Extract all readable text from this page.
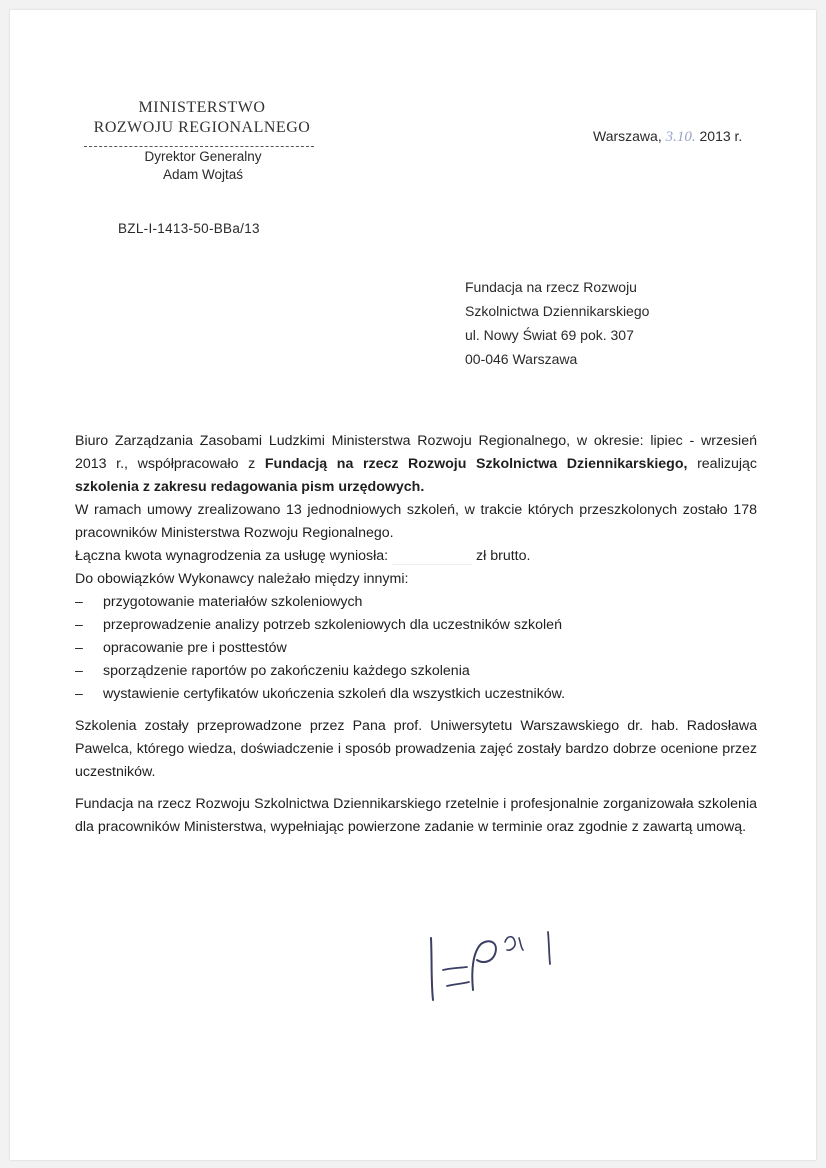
MINISTERSTWO
ROZWOJU REGIONALNEGO
Dyrektor Generalny
Adam Wojtaś
Warszawa, 3.10. 2013 r.
BZL-I-1413-50-BBa/13
Fundacja na rzecz Rozwoju
Szkolnictwa Dziennikarskiego
ul. Nowy Świat 69 pok. 307
00-046 Warszawa

Biuro Zarządzania Zasobami Ludzkimi Ministerstwa Rozwoju Regionalnego, w okresie: lipiec - wrzesień 2013 r., współpracowało z Fundacją na rzecz Rozwoju Szkolnictwa Dziennikarskiego, realizując szkolenia z zakresu redagowania pism urzędowych.

W ramach umowy zrealizowano 13 jednodniowych szkoleń, w trakcie których przeszkolonych zostało 178 pracowników Ministerstwa Rozwoju Regionalnego.

Łączna kwota wynagrodzenia za usługę wyniosła:	zł brutto.

Do obowiązków Wykonawcy należało między innymi:

– przygotowanie materiałów szkoleniowych
– przeprowadzenie analizy potrzeb szkoleniowych dla uczestników szkoleń
– opracowanie pre i posttestów
– sporządzenie raportów po zakończeniu każdego szkolenia
– wystawienie certyfikatów ukończenia szkoleń dla wszystkich uczestników.

Szkolenia zostały przeprowadzone przez Pana prof. Uniwersytetu Warszawskiego dr. hab. Radosława Pawelca, którego wiedza, doświadczenie i sposób prowadzenia zajęć zostały bardzo dobrze ocenione przez uczestników.

Fundacja na rzecz Rozwoju Szkolnictwa Dziennikarskiego rzetelnie i profesjonalnie zorganizowała szkolenia dla pracowników Ministerstwa, wypełniając powierzone zadanie w terminie oraz zgodnie z zawartą umową.
